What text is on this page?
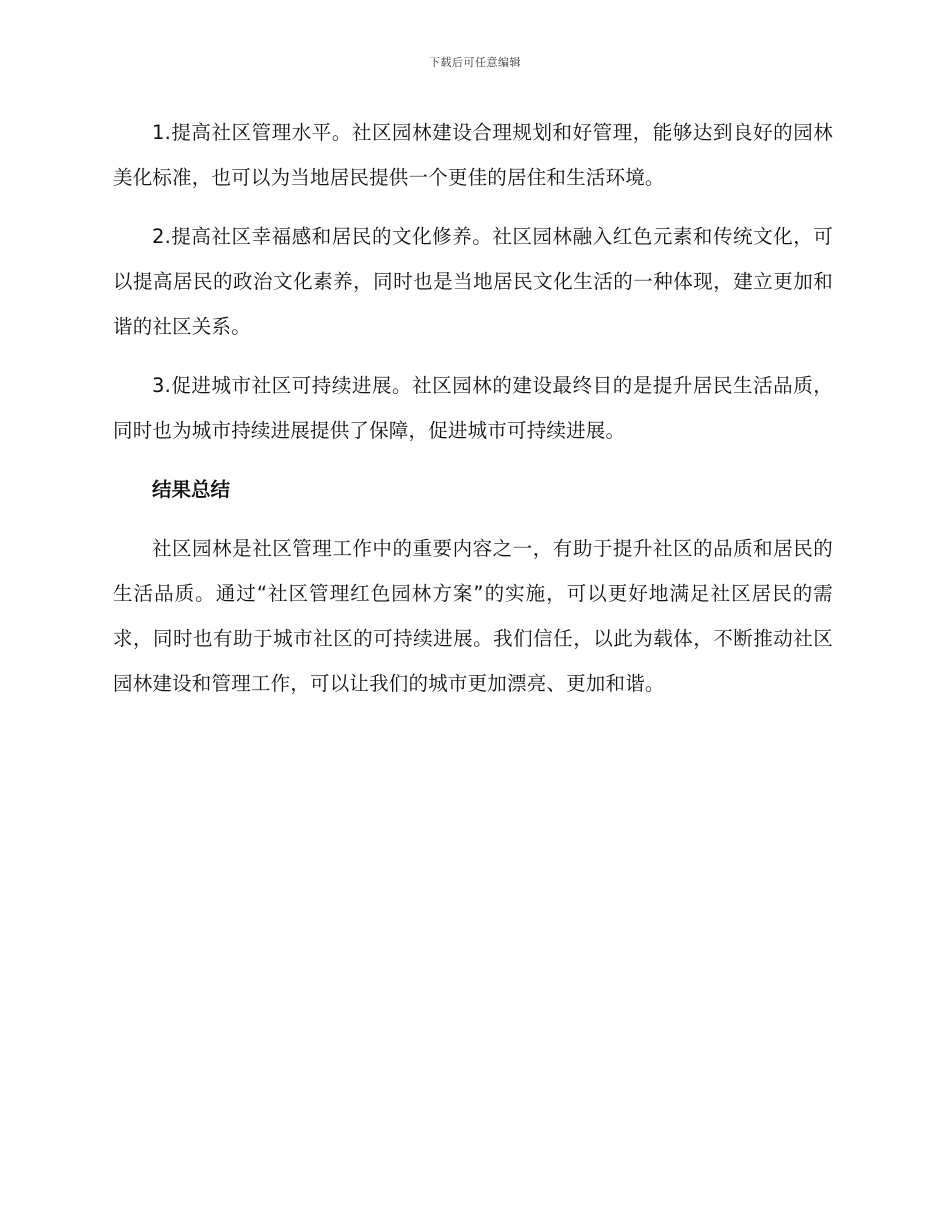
下载后可任意编辑

1.提高社区管理水平。社区园林建设合理规划和好管理，能够达到良好的园林美化标准，也可以为当地居民提供一个更佳的居住和生活环境。

2.提高社区幸福感和居民的文化修养。社区园林融入红色元素和传统文化，可以提高居民的政治文化素养，同时也是当地居民文化生活的一种体现，建立更加和谐的社区关系。

3.促进城市社区可持续进展。社区园林的建设最终目的是提升居民生活品质，同时也为城市持续进展提供了保障，促进城市可持续进展。

结果总结

社区园林是社区管理工作中的重要内容之一，有助于提升社区的品质和居民的生活品质。通过“社区管理红色园林方案”的实施，可以更好地满足社区居民的需求，同时也有助于城市社区的可持续进展。我们信任，以此为载体，不断推动社区园林建设和管理工作，可以让我们的城市更加漂亮、更加和谐。
